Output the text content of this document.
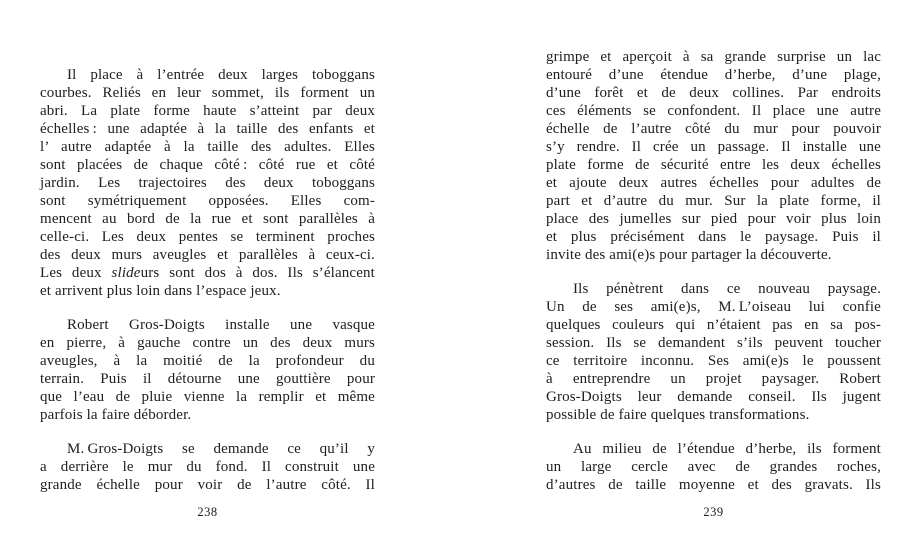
Il place à l’entrée deux larges toboggans
courbes. Reliés en leur sommet, ils forment un
abri. La plate forme haute s’atteint par deux
échelles : une adaptée à la taille des enfants et
l’ autre adaptée à la taille des adultes. Elles
sont placées de chaque côté : côté rue et côté
jardin. Les trajectoires des deux toboggans
sont symétriquement opposées. Elles com-
mencent au bord de la rue et sont parallèles à
celle-ci. Les deux pentes se terminent proches
des deux murs aveugles et parallèles à ceux-ci.
Les deux slideurs sont dos à dos. Ils s’élancent
et arrivent plus loin dans l’espace jeux.
Robert Gros-Doigts installe une vasque
en pierre, à gauche contre un des deux murs
aveugles, à la moitié de la profondeur du
terrain. Puis il détourne une gouttière pour
que l’eau de pluie vienne la remplir et même
parfois la faire déborder.
M. Gros-Doigts se demande ce qu’il y
a derrière le mur du fond. Il construit une
grande échelle pour voir de l’autre côté. Il
grimpe et aperçoit à sa grande surprise un lac
entouré d’une étendue d’herbe, d’une plage,
d’une forêt et de deux collines. Par endroits
ces éléments se confondent. Il place une autre
échelle de l’autre côté du mur pour pouvoir
s’y rendre. Il crée un passage. Il installe une
plate forme de sécurité entre les deux échelles
et ajoute deux autres échelles pour adultes de
part et d’autre du mur. Sur la plate forme, il
place des jumelles sur pied pour voir plus loin
et plus précisément dans le paysage. Puis il
invite des ami(e)s pour partager la découverte.
Ils pénètrent dans ce nouveau paysage.
Un de ses ami(e)s, M. L’oiseau lui confie
quelques couleurs qui n’étaient pas en sa pos-
session. Ils se demandent s’ils peuvent toucher
ce territoire inconnu. Ses ami(e)s le poussent
à entreprendre un projet paysager. Robert
Gros-Doigts leur demande conseil. Ils jugent
possible de faire quelques transformations.
Au milieu de l’étendue d’herbe, ils forment
un large cercle avec de grandes roches,
d’autres de taille moyenne et des gravats. Ils
238	239
